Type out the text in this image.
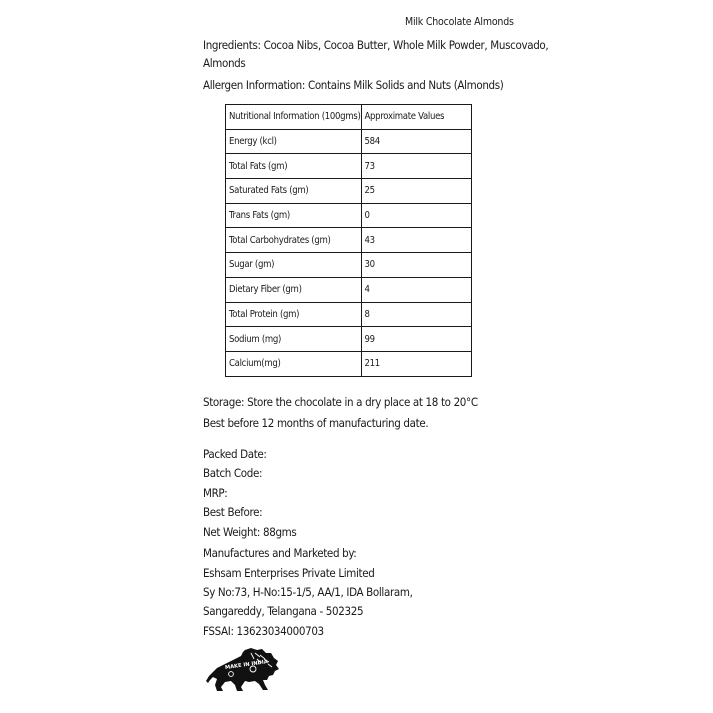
Milk Chocolate Almonds
Ingredients: Cocoa Nibs, Cocoa Butter, Whole Milk Powder, Muscovado,
Almonds
Allergen Information: Contains Milk Solids and Nuts (Almonds)
Nutritional Information (100gms)	Approximate Values
Energy (kcl)	584
Total Fats (gm)	73
Saturated Fats (gm)	25
Trans Fats (gm)	0
Total Carbohydrates (gm)	43
Sugar (gm)	30
Dietary Fiber (gm)	4
Total Protein (gm)	8
Sodium (mg)	99
Calcium(mg)	211
Storage: Store the chocolate in a dry place at 18 to 20°C
Best before 12 months of manufacturing date.
Packed Date:
Batch Code:
MRP:
Best Before:
Net Weight: 88gms
Manufactures and Marketed by:
Eshsam Enterprises Private Limited
Sy No:73, H-No:15-1/5, AA/1, IDA Bollaram,
Sangareddy, Telangana - 502325
FSSAI: 13623034000703
MAKE IN INDIA
